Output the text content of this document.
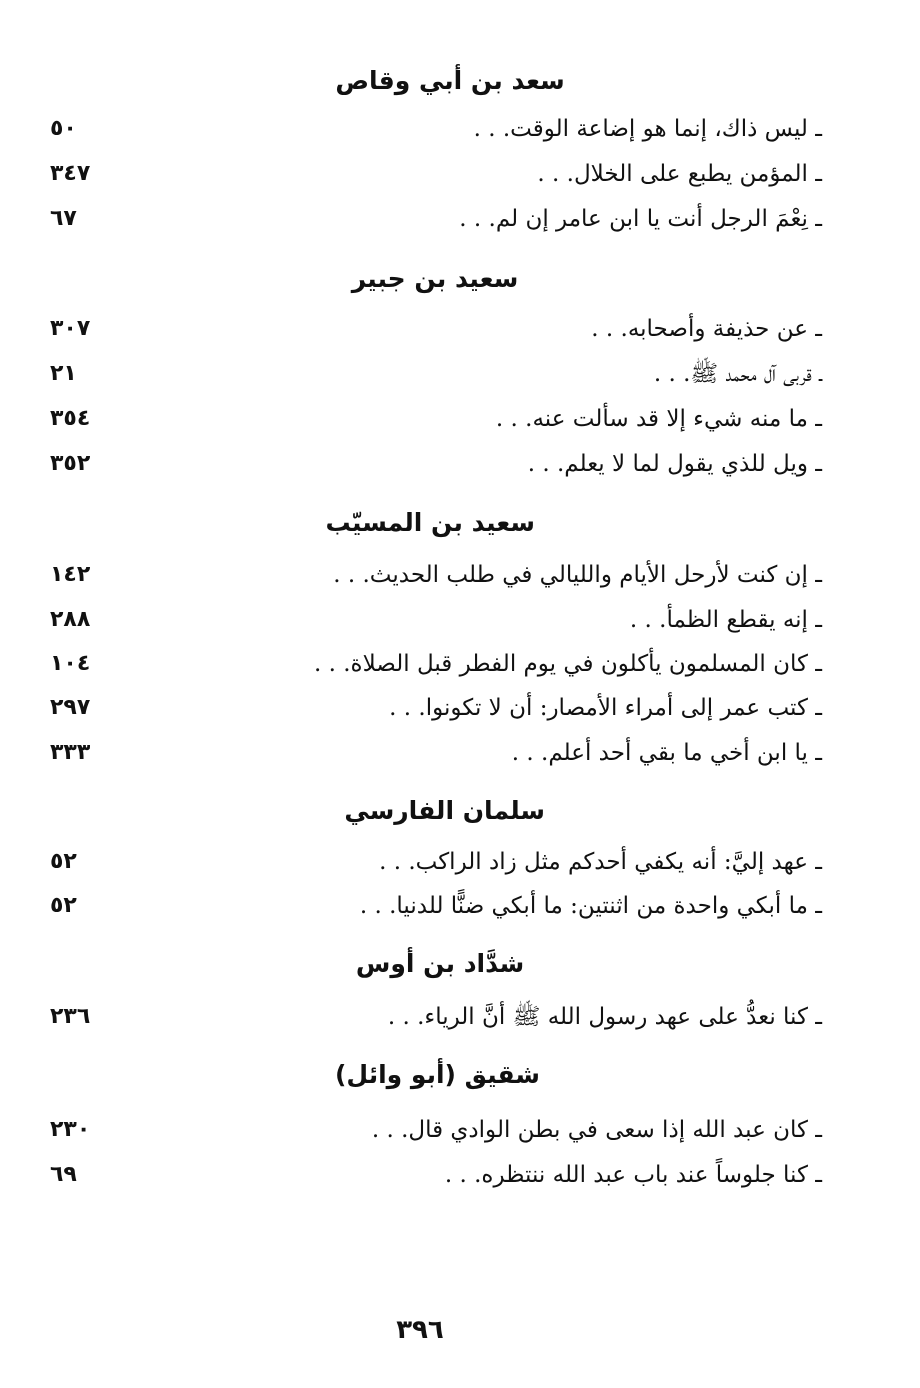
سعد بن أبي وقاص
ـ ليس ذاك، إنما هو إضاعة الوقت. . .
٥٠
ـ المؤمن يطبع على الخلال. . .
٣٤٧
ـ نِعْمَ الرجل أنت يا ابن عامر إن لم. . .
٦٧
سعيد بن جبير
ـ عن حذيفة وأصحابه. . .
٣٠٧
ـ قربى آل محمد ﷺ. . .
٢١
ـ ما منه شيء إلا قد سألت عنه. . .
٣٥٤
ـ ويل للذي يقول لما لا يعلم. . .
٣٥٢
سعيد بن المسيّب
ـ إن كنت لأرحل الأيام والليالي في طلب الحديث. . .
١٤٢
ـ إنه يقطع الظمأ. . .
٢٨٨
ـ كان المسلمون يأكلون في يوم الفطر قبل الصلاة. . .
١٠٤
ـ كتب عمر إلى أمراء الأمصار: أن لا تكونوا. . .
٢٩٧
ـ يا ابن أخي ما بقي أحد أعلم. . .
٣٣٣
سلمان الفارسي
ـ عهد إليَّ: أنه يكفي أحدكم مثل زاد الراكب. . .
٥٢
ـ ما أبكي واحدة من اثنتين: ما أبكي ضنًّا للدنيا. . .
٥٢
شدَّاد بن أوس
ـ كنا نعدُّ على عهد رسول الله ﷺ أنَّ الرياء. . .
٢٣٦
شقيق (أبو وائل)
ـ كان عبد الله إذا سعى في بطن الوادي قال. . .
٢٣٠
ـ كنا جلوساً عند باب عبد الله ننتظره. . .
٦٩
٣٩٦
